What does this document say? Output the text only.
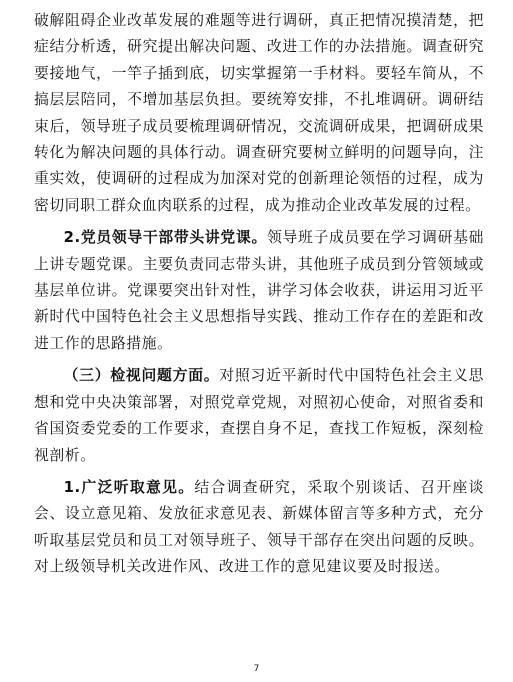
破解阻碍企业改革发展的难题等进行调研，真正把情况摸清楚，把症结分析透，研究提出解决问题、改进工作的办法措施。调查研究要接地气，一竿子插到底，切实掌握第一手材料。要轻车简从，不搞层层陪同，不增加基层负担。要统筹安排，不扎堆调研。调研结束后，领导班子成员要梳理调研情况，交流调研成果，把调研成果转化为解决问题的具体行动。调查研究要树立鲜明的问题导向，注重实效，使调研的过程成为加深对党的创新理论领悟的过程，成为密切同职工群众血肉联系的过程，成为推动企业改革发展的过程。

2.党员领导干部带头讲党课。领导班子成员要在学习调研基础上讲专题党课。主要负责同志带头讲，其他班子成员到分管领域或基层单位讲。党课要突出针对性，讲学习体会收获，讲运用习近平新时代中国特色社会主义思想指导实践、推动工作存在的差距和改进工作的思路措施。

（三）检视问题方面。对照习近平新时代中国特色社会主义思想和党中央决策部署，对照党章党规，对照初心使命，对照省委和省国资委党委的工作要求，查摆自身不足，查找工作短板，深刻检视剖析。

1.广泛听取意见。结合调查研究，采取个别谈话、召开座谈会、设立意见箱、发放征求意见表、新媒体留言等多种方式，充分听取基层党员和员工对领导班子、领导干部存在突出问题的反映。对上级领导机关改进作风、改进工作的意见建议要及时报送。

7
